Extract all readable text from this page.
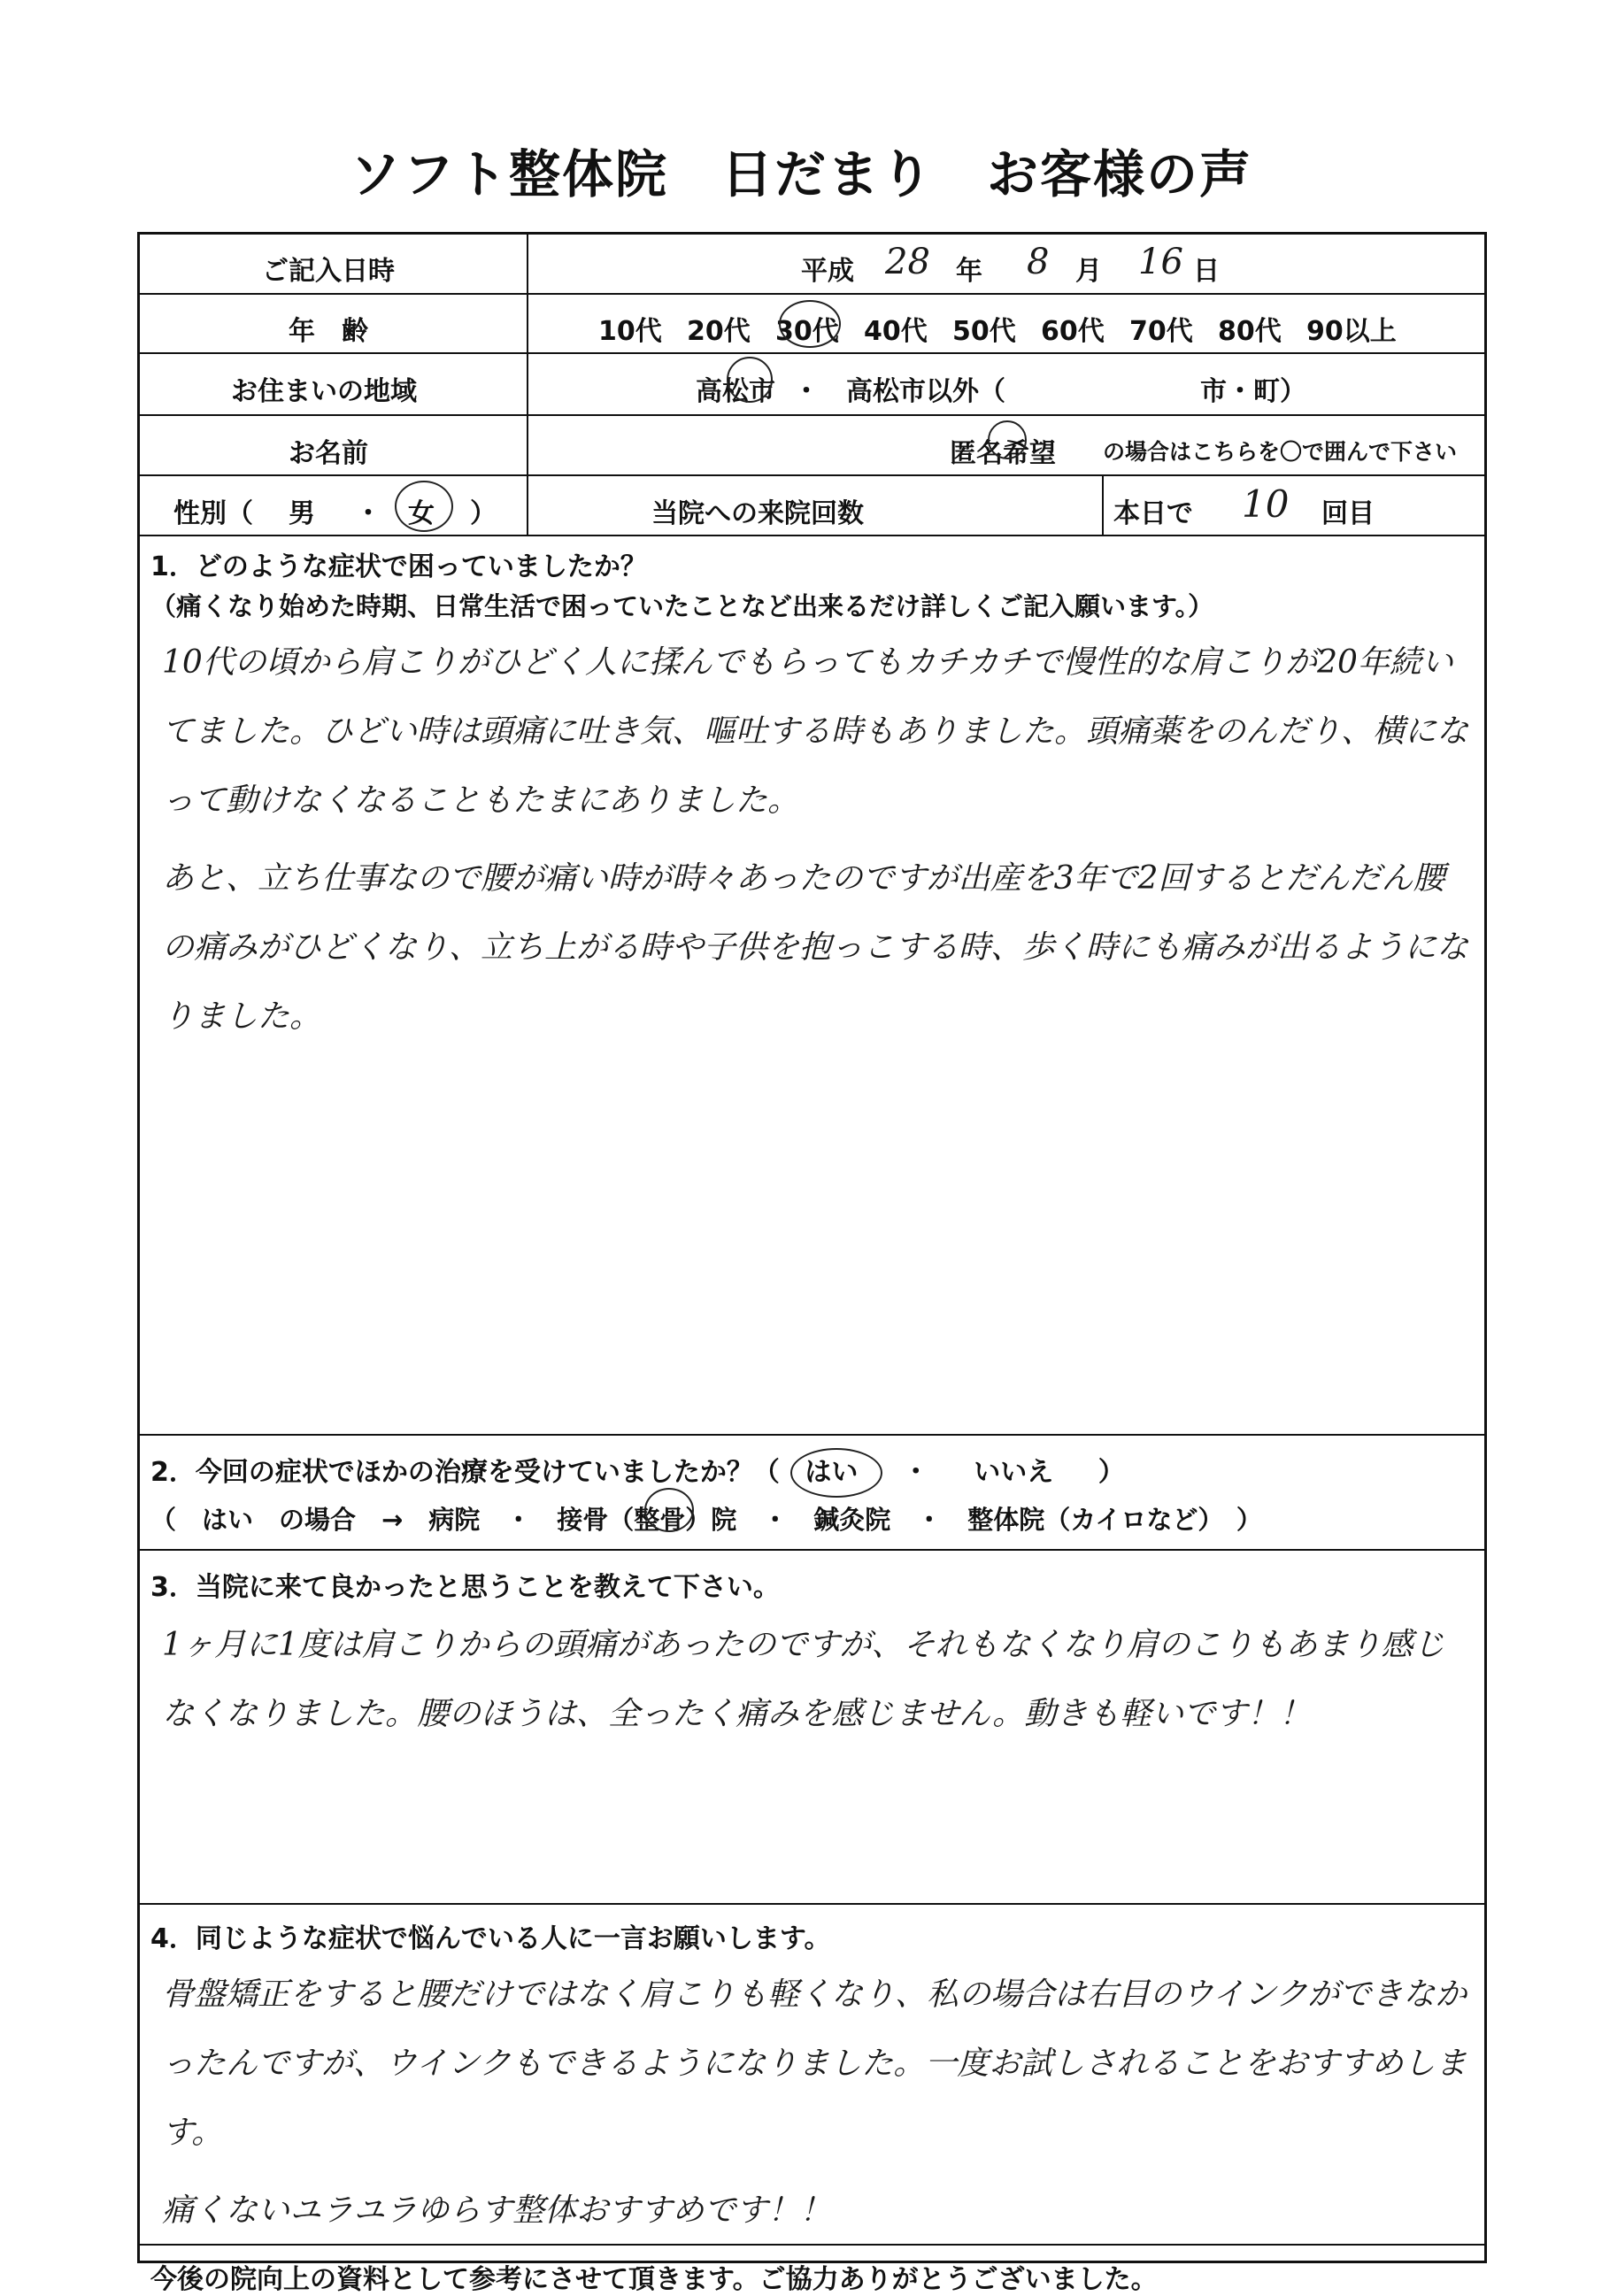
ソフト整体院　日だまり　お客様の声
ご記入日時	平成 28 年 8 月 16 日
年　齢	10代 20代 30代 40代 50代 60代 70代 80代 90以上
お住まいの地域	高松市 ・ 高松市以外（	市・町）
お名前	匿名希望 の場合はこちらを〇で囲んで下さい
性別（ 男 ・ 女 ）	当院への来院回数	本日で 10 回目
1．どのような症状で困っていましたか？
（痛くなり始めた時期、日常生活で困っていたことなど出来るだけ詳しくご記入願います。）

10代の頃から肩こりがひどく人に揉んでもらってもカチカチで慢性的な肩こりが20年続いてました。ひどい時は頭痛に吐き気、嘔吐する時もありました。頭痛薬をのんだり、横になって動けなくなることもたまにありました。

あと、立ち仕事なので腰が痛い時が時々あったのですが出産を3年で2回するとだんだん腰の痛みがひどくなり、立ち上がる時や子供を抱っこする時、歩く時にも痛みが出るようになりました。

2．今回の症状でほかの治療を受けていましたか？（ はい ・ いいえ ）
（　はい　の場合　→　病院　・　接骨（整骨）院　・　鍼灸院　・　整体院（カイロなど）　）
3．当院に来て良かったと思うことを教えて下さい。
1ヶ月に1度は肩こりからの頭痛があったのですが、それもなくなり肩のこりもあまり感じなくなりました。腰のほうは、全ったく痛みを感じません。動きも軽いです！！
4．同じような症状で悩んでいる人に一言お願いします。

骨盤矯正をすると腰だけではなく肩こりも軽くなり、私の場合は右目のウインクができなかったんですが、ウインクもできるようになりました。一度お試しされることをおすすめします。

痛くないユラユラゆらす整体おすすめです！！

今後の院向上の資料として参考にさせて頂きます。ご協力ありがとうございました。
